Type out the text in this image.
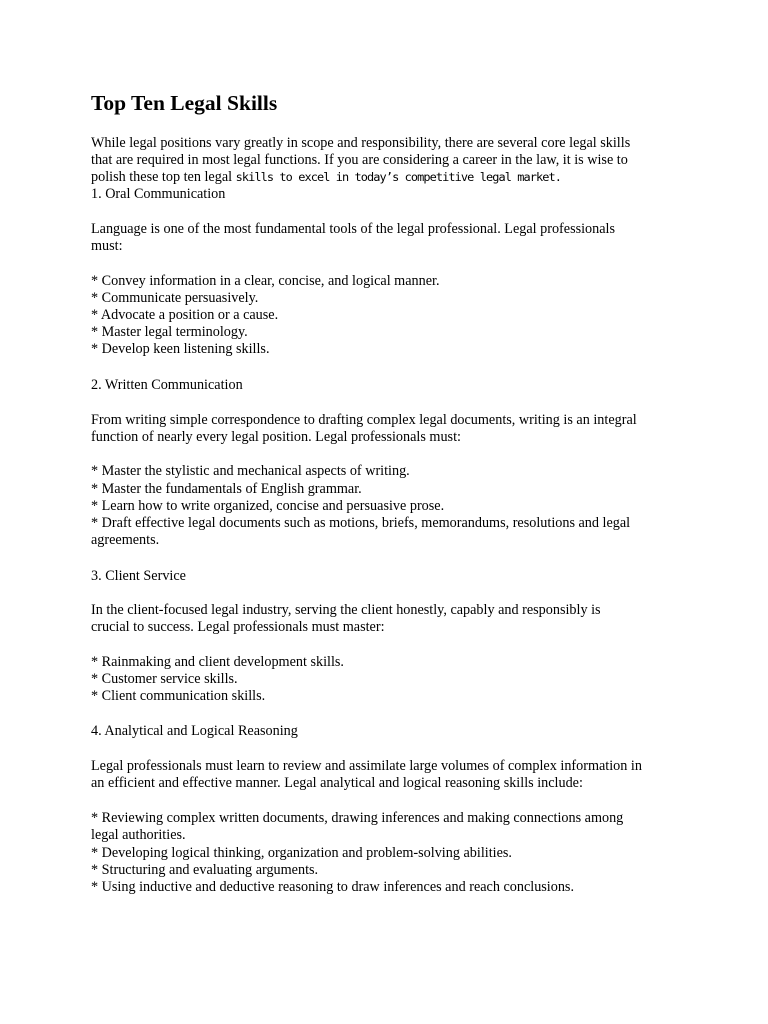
Top Ten Legal Skills
While legal positions vary greatly in scope and responsibility, there are several core legal skills
that are required in most legal functions. If you are considering a career in the law, it is wise to
polish these top ten legal skills to excel in today’s competitive legal market.
1. Oral Communication
Language is one of the most fundamental tools of the legal professional. Legal professionals
must:
* Convey information in a clear, concise, and logical manner.
* Communicate persuasively.
* Advocate a position or a cause.
* Master legal terminology.
* Develop keen listening skills.
2. Written Communication
From writing simple correspondence to drafting complex legal documents, writing is an integral
function of nearly every legal position. Legal professionals must:
* Master the stylistic and mechanical aspects of writing.
* Master the fundamentals of English grammar.
* Learn how to write organized, concise and persuasive prose.
* Draft effective legal documents such as motions, briefs, memorandums, resolutions and legal
agreements.
3. Client Service
In the client-focused legal industry, serving the client honestly, capably and responsibly is
crucial to success. Legal professionals must master:
* Rainmaking and client development skills.
* Customer service skills.
* Client communication skills.
4. Analytical and Logical Reasoning
Legal professionals must learn to review and assimilate large volumes of complex information in
an efficient and effective manner. Legal analytical and logical reasoning skills include:
* Reviewing complex written documents, drawing inferences and making connections among
legal authorities.
* Developing logical thinking, organization and problem-solving abilities.
* Structuring and evaluating arguments.
* Using inductive and deductive reasoning to draw inferences and reach conclusions.
